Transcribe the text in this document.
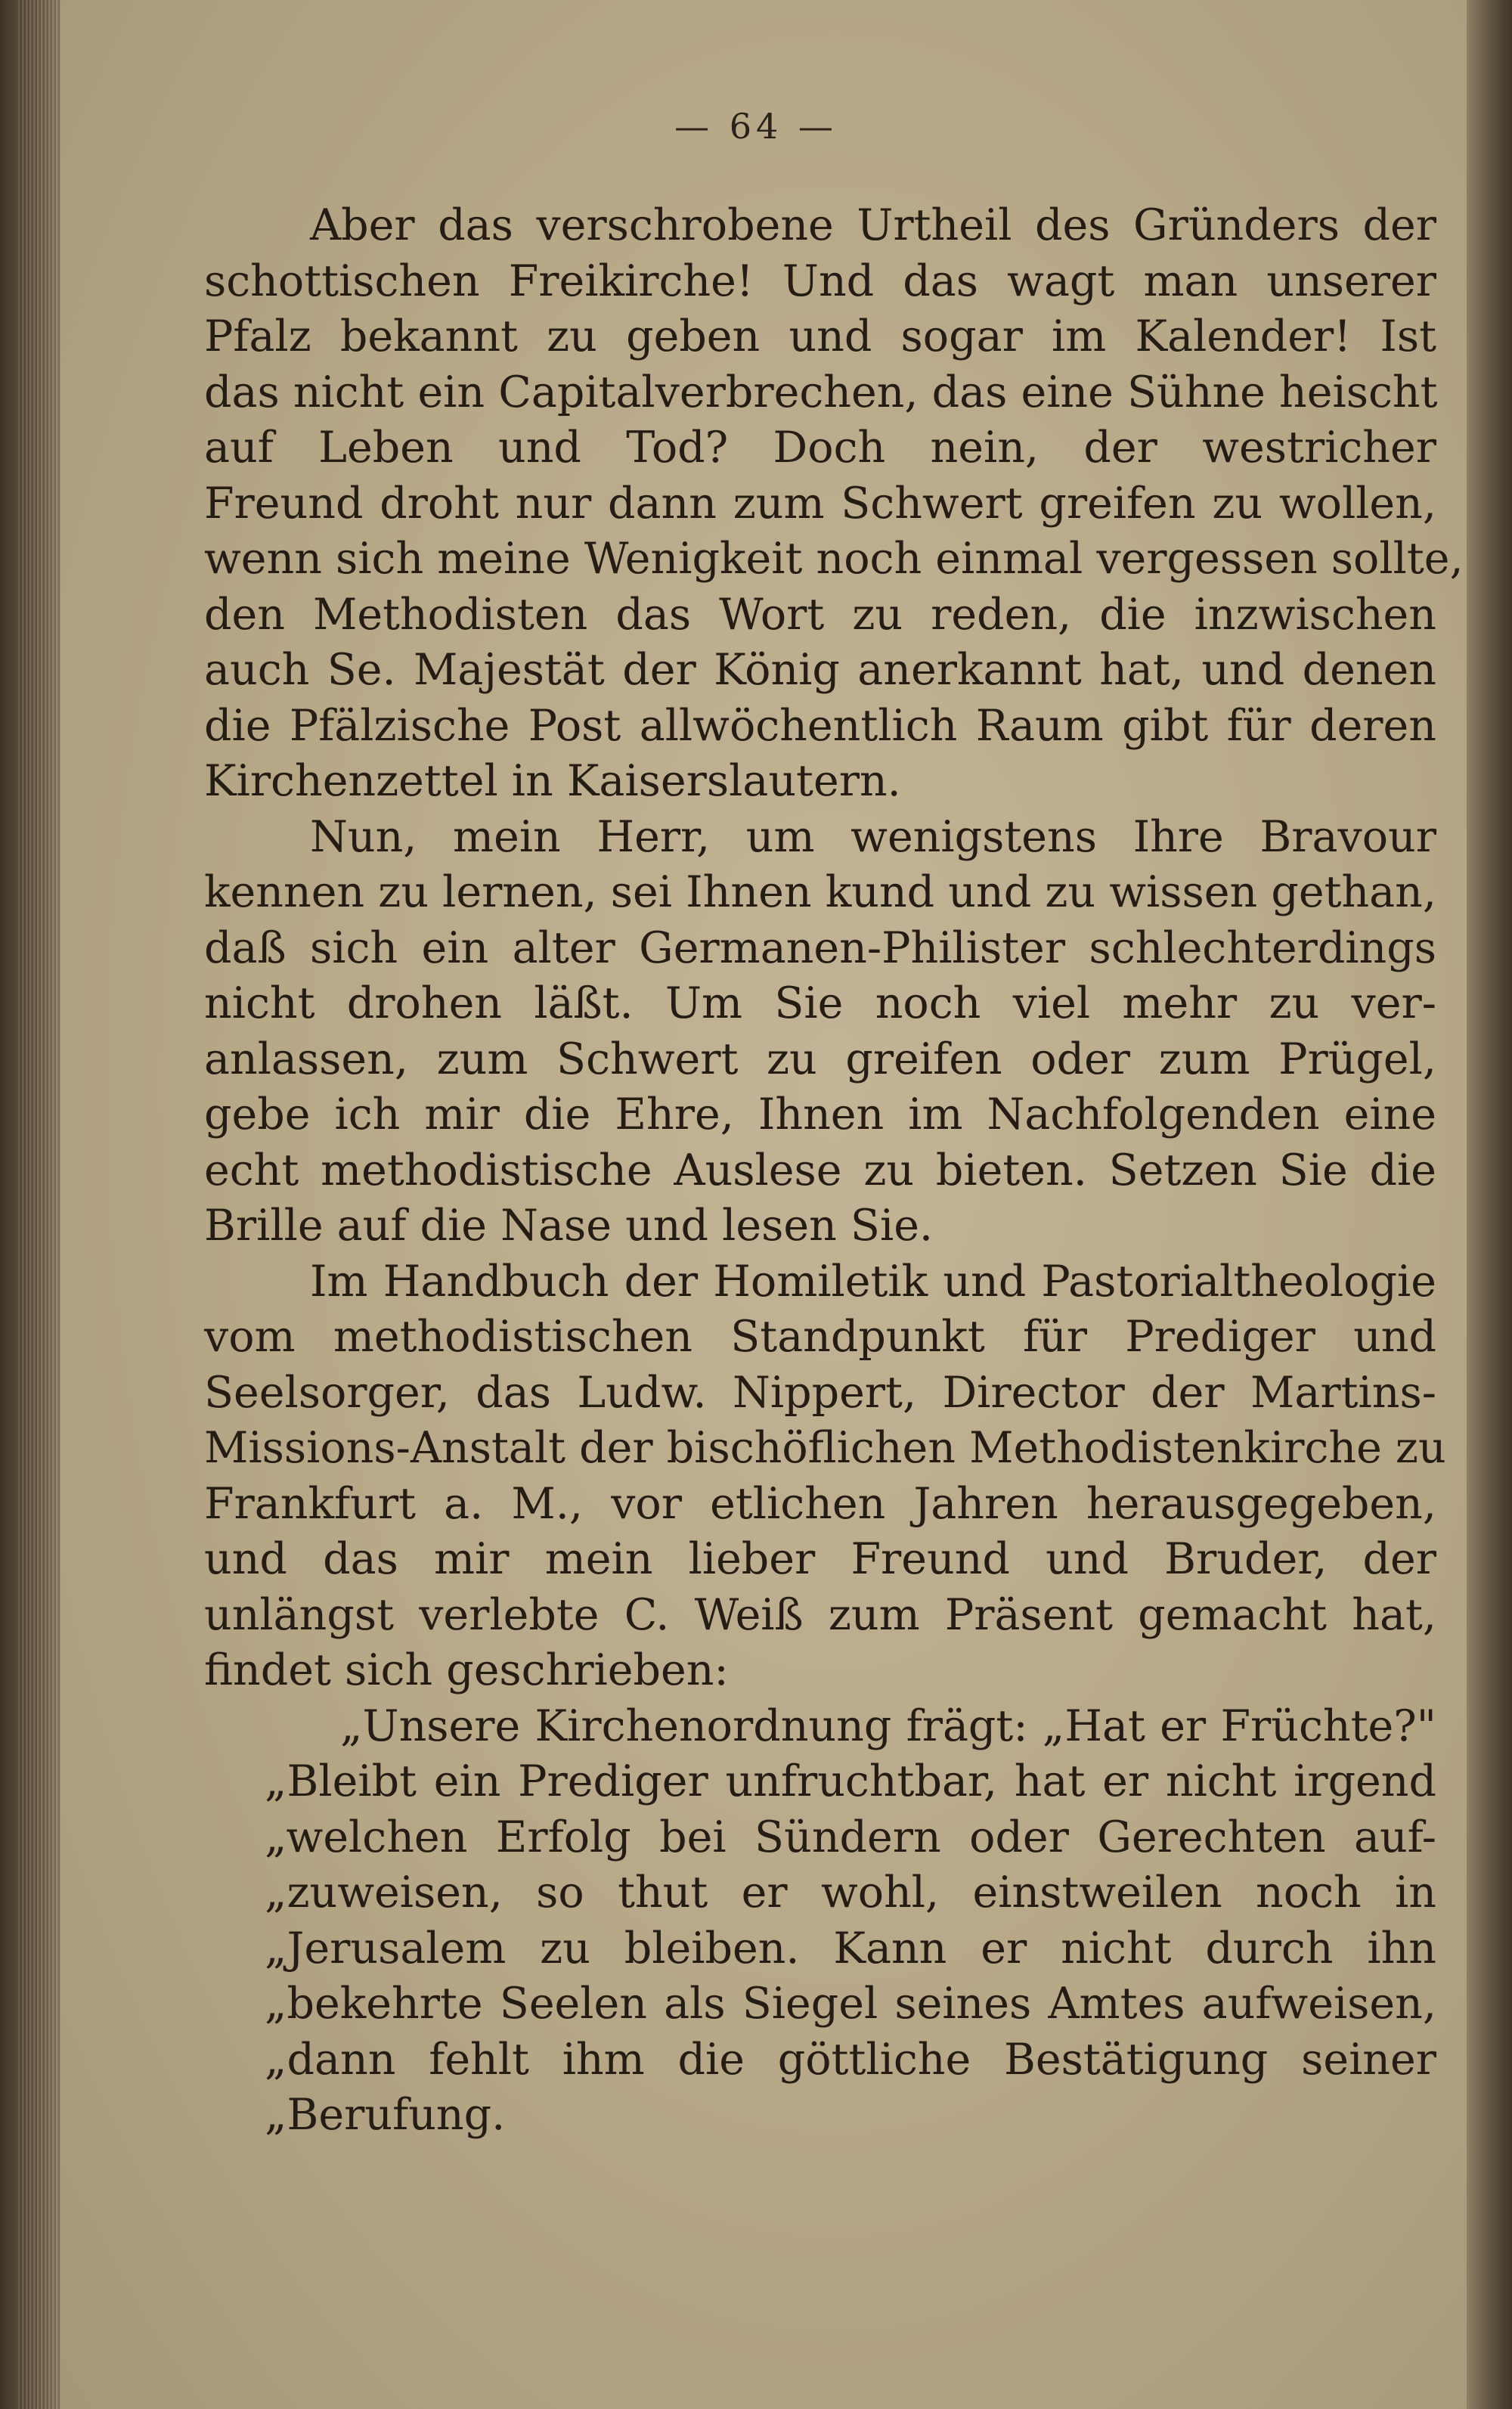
— 64 —
Aber das verschrobene Urtheil des Gründers der
schottischen Freikirche! Und das wagt man unserer
Pfalz bekannt zu geben und sogar im Kalender! Ist
das nicht ein Capitalverbrechen, das eine Sühne heischt
auf Leben und Tod? Doch nein, der westricher
Freund droht nur dann zum Schwert greifen zu wollen,
wenn sich meine Wenigkeit noch einmal vergessen sollte,
den Methodisten das Wort zu reden, die inzwischen
auch Se. Majestät der König anerkannt hat, und denen
die Pfälzische Post allwöchentlich Raum gibt für deren
Kirchenzettel in Kaiserslautern.
Nun, mein Herr, um wenigstens Ihre Bravour
kennen zu lernen, sei Ihnen kund und zu wissen gethan,
daß sich ein alter Germanen-Philister schlechterdings
nicht drohen läßt. Um Sie noch viel mehr zu ver-
anlassen, zum Schwert zu greifen oder zum Prügel,
gebe ich mir die Ehre, Ihnen im Nachfolgenden eine
echt methodistische Auslese zu bieten. Setzen Sie die
Brille auf die Nase und lesen Sie.
Im Handbuch der Homiletik und Pastorialtheologie
vom methodistischen Standpunkt für Prediger und
Seelsorger, das Ludw. Nippert, Director der Martins-
Missions-Anstalt der bischöflichen Methodistenkirche zu
Frankfurt a. M., vor etlichen Jahren herausgegeben,
und das mir mein lieber Freund und Bruder, der
unlängst verlebte C. Weiß zum Präsent gemacht hat,
findet sich geschrieben:
„Unsere Kirchenordnung frägt: „Hat er Früchte?"
„Bleibt ein Prediger unfruchtbar, hat er nicht irgend
„welchen Erfolg bei Sündern oder Gerechten auf-
„zuweisen, so thut er wohl, einstweilen noch in
„Jerusalem zu bleiben. Kann er nicht durch ihn
„bekehrte Seelen als Siegel seines Amtes aufweisen,
„dann fehlt ihm die göttliche Bestätigung seiner
„Berufung.
